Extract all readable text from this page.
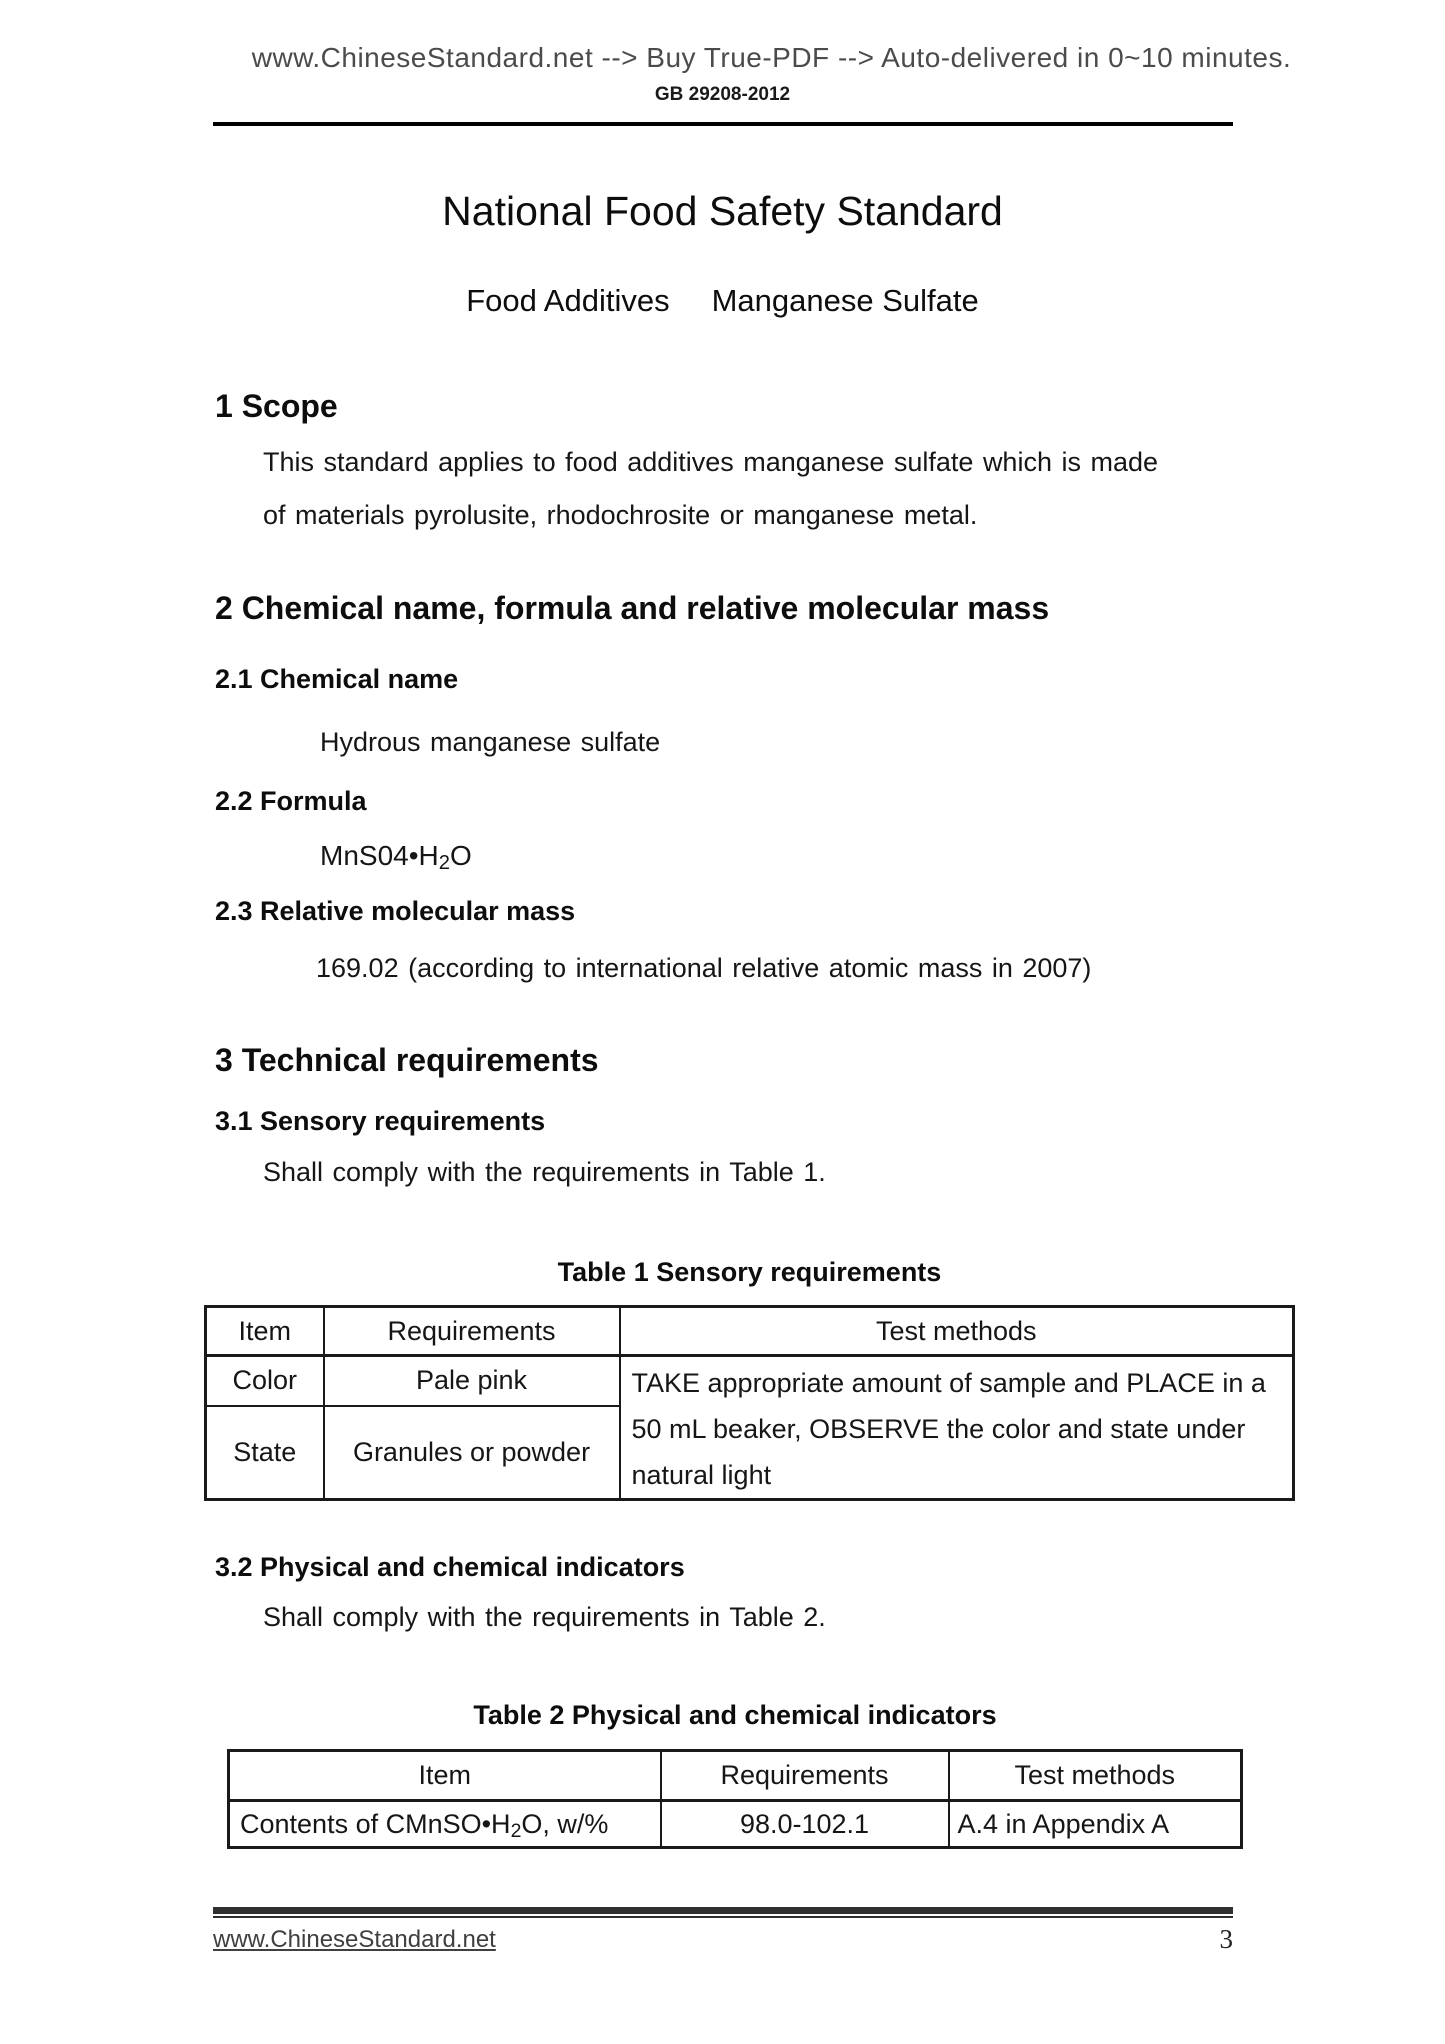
www.ChineseStandard.net --> Buy True-PDF --> Auto-delivered in 0~10 minutes.
GB 29208-2012
National Food Safety Standard
Food Additives Manganese Sulfate
1 Scope
This standard applies to food additives manganese sulfate which is made
of materials pyrolusite, rhodochrosite or manganese metal.
2 Chemical name, formula and relative molecular mass
2.1 Chemical name
Hydrous manganese sulfate
2.2 Formula
$MnS04•H_2O$
2.3 Relative molecular mass
169.02 (according to international relative atomic mass in 2007)
3 Technical requirements
3.1 Sensory requirements
Shall comply with the requirements in Table 1.
Table 1 Sensory requirements
Item	Requirements	Test methods
Color	Pale pink	TAKE appropriate amount of sample and PLACE in a 50 mL beaker, OBSERVE the color and state under natural light
State	Granules or powder	
3.2 Physical and chemical indicators
Shall comply with the requirements in Table 2.
Table 2 Physical and chemical indicators
Item	Requirements	Test methods
Contents of $CMnSO•H_2O$, w/%	98.0-102.1	A.4 in Appendix A
www.ChineseStandard.net	3
